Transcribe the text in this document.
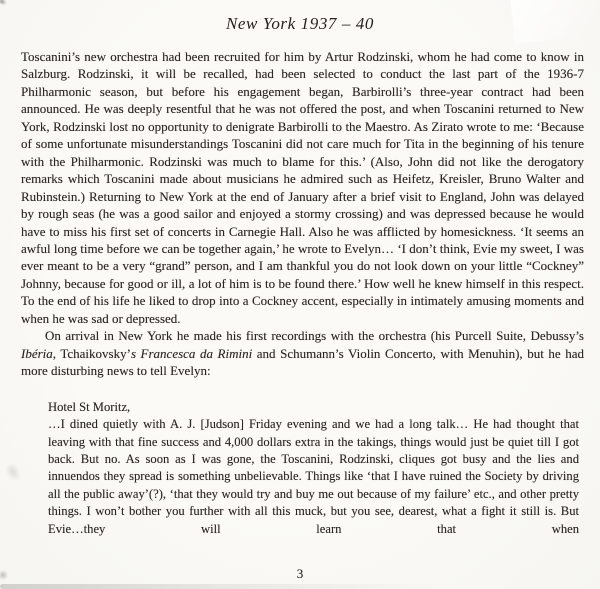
New York 1937 – 40

Toscanini’s new orchestra had been recruited for him by Artur Rodzinski, whom he had come to know in Salzburg. Rodzinski, it will be recalled, had been selected to conduct the last part of the 1936-7 Philharmonic season, but before his engagement began, Barbirolli’s three-year contract had been announced. He was deeply resentful that he was not offered the post, and when Toscanini returned to New York, Rodzinski lost no opportunity to denigrate Barbirolli to the Maestro. As Zirato wrote to me: ‘Because of some unfortunate misunderstandings Toscanini did not care much for Tita in the beginning of his tenure with the Philharmonic. Rodzinski was much to blame for this.’ (Also, John did not like the derogatory remarks which Toscanini made about musicians he admired such as Heifetz, Kreisler, Bruno Walter and Rubinstein.) Returning to New York at the end of January after a brief visit to England, John was delayed by rough seas (he was a good sailor and enjoyed a stormy crossing) and was depressed because he would have to miss his first set of concerts in Carnegie Hall. Also he was afflicted by homesickness. ‘It seems an awful long time before we can be together again,’ he wrote to Evelyn… ‘I don’t think, Evie my sweet, I was ever meant to be a very “grand” person, and I am thankful you do not look down on your little “Cockney” Johnny, because for good or ill, a lot of him is to be found there.’ How well he knew himself in this respect. To the end of his life he liked to drop into a Cockney accent, especially in intimately amusing moments and when he was sad or depressed.

On arrival in New York he made his first recordings with the orchestra (his Purcell Suite, Debussy’s Ibéria, Tchaikovsky’s Francesca da Rimini and Schumann’s Violin Concerto, with Menuhin), but he had more disturbing news to tell Evelyn:

Hotel St Moritz,

…I dined quietly with A. J. [Judson] Friday evening and we had a long talk… He had thought that leaving with that fine success and 4,000 dollars extra in the takings, things would just be quiet till I got back. But no. As soon as I was gone, the Toscanini, Rodzinski, cliques got busy and the lies and innuendos they spread is something unbelievable. Things like ‘that I have ruined the Society by driving all the public away’(?), ‘that they would try and buy me out because of my failure’ etc., and other pretty things. I won’t bother you further with all this muck, but you see, dearest, what a fight it still is. But Evie…they will learn that when

3
